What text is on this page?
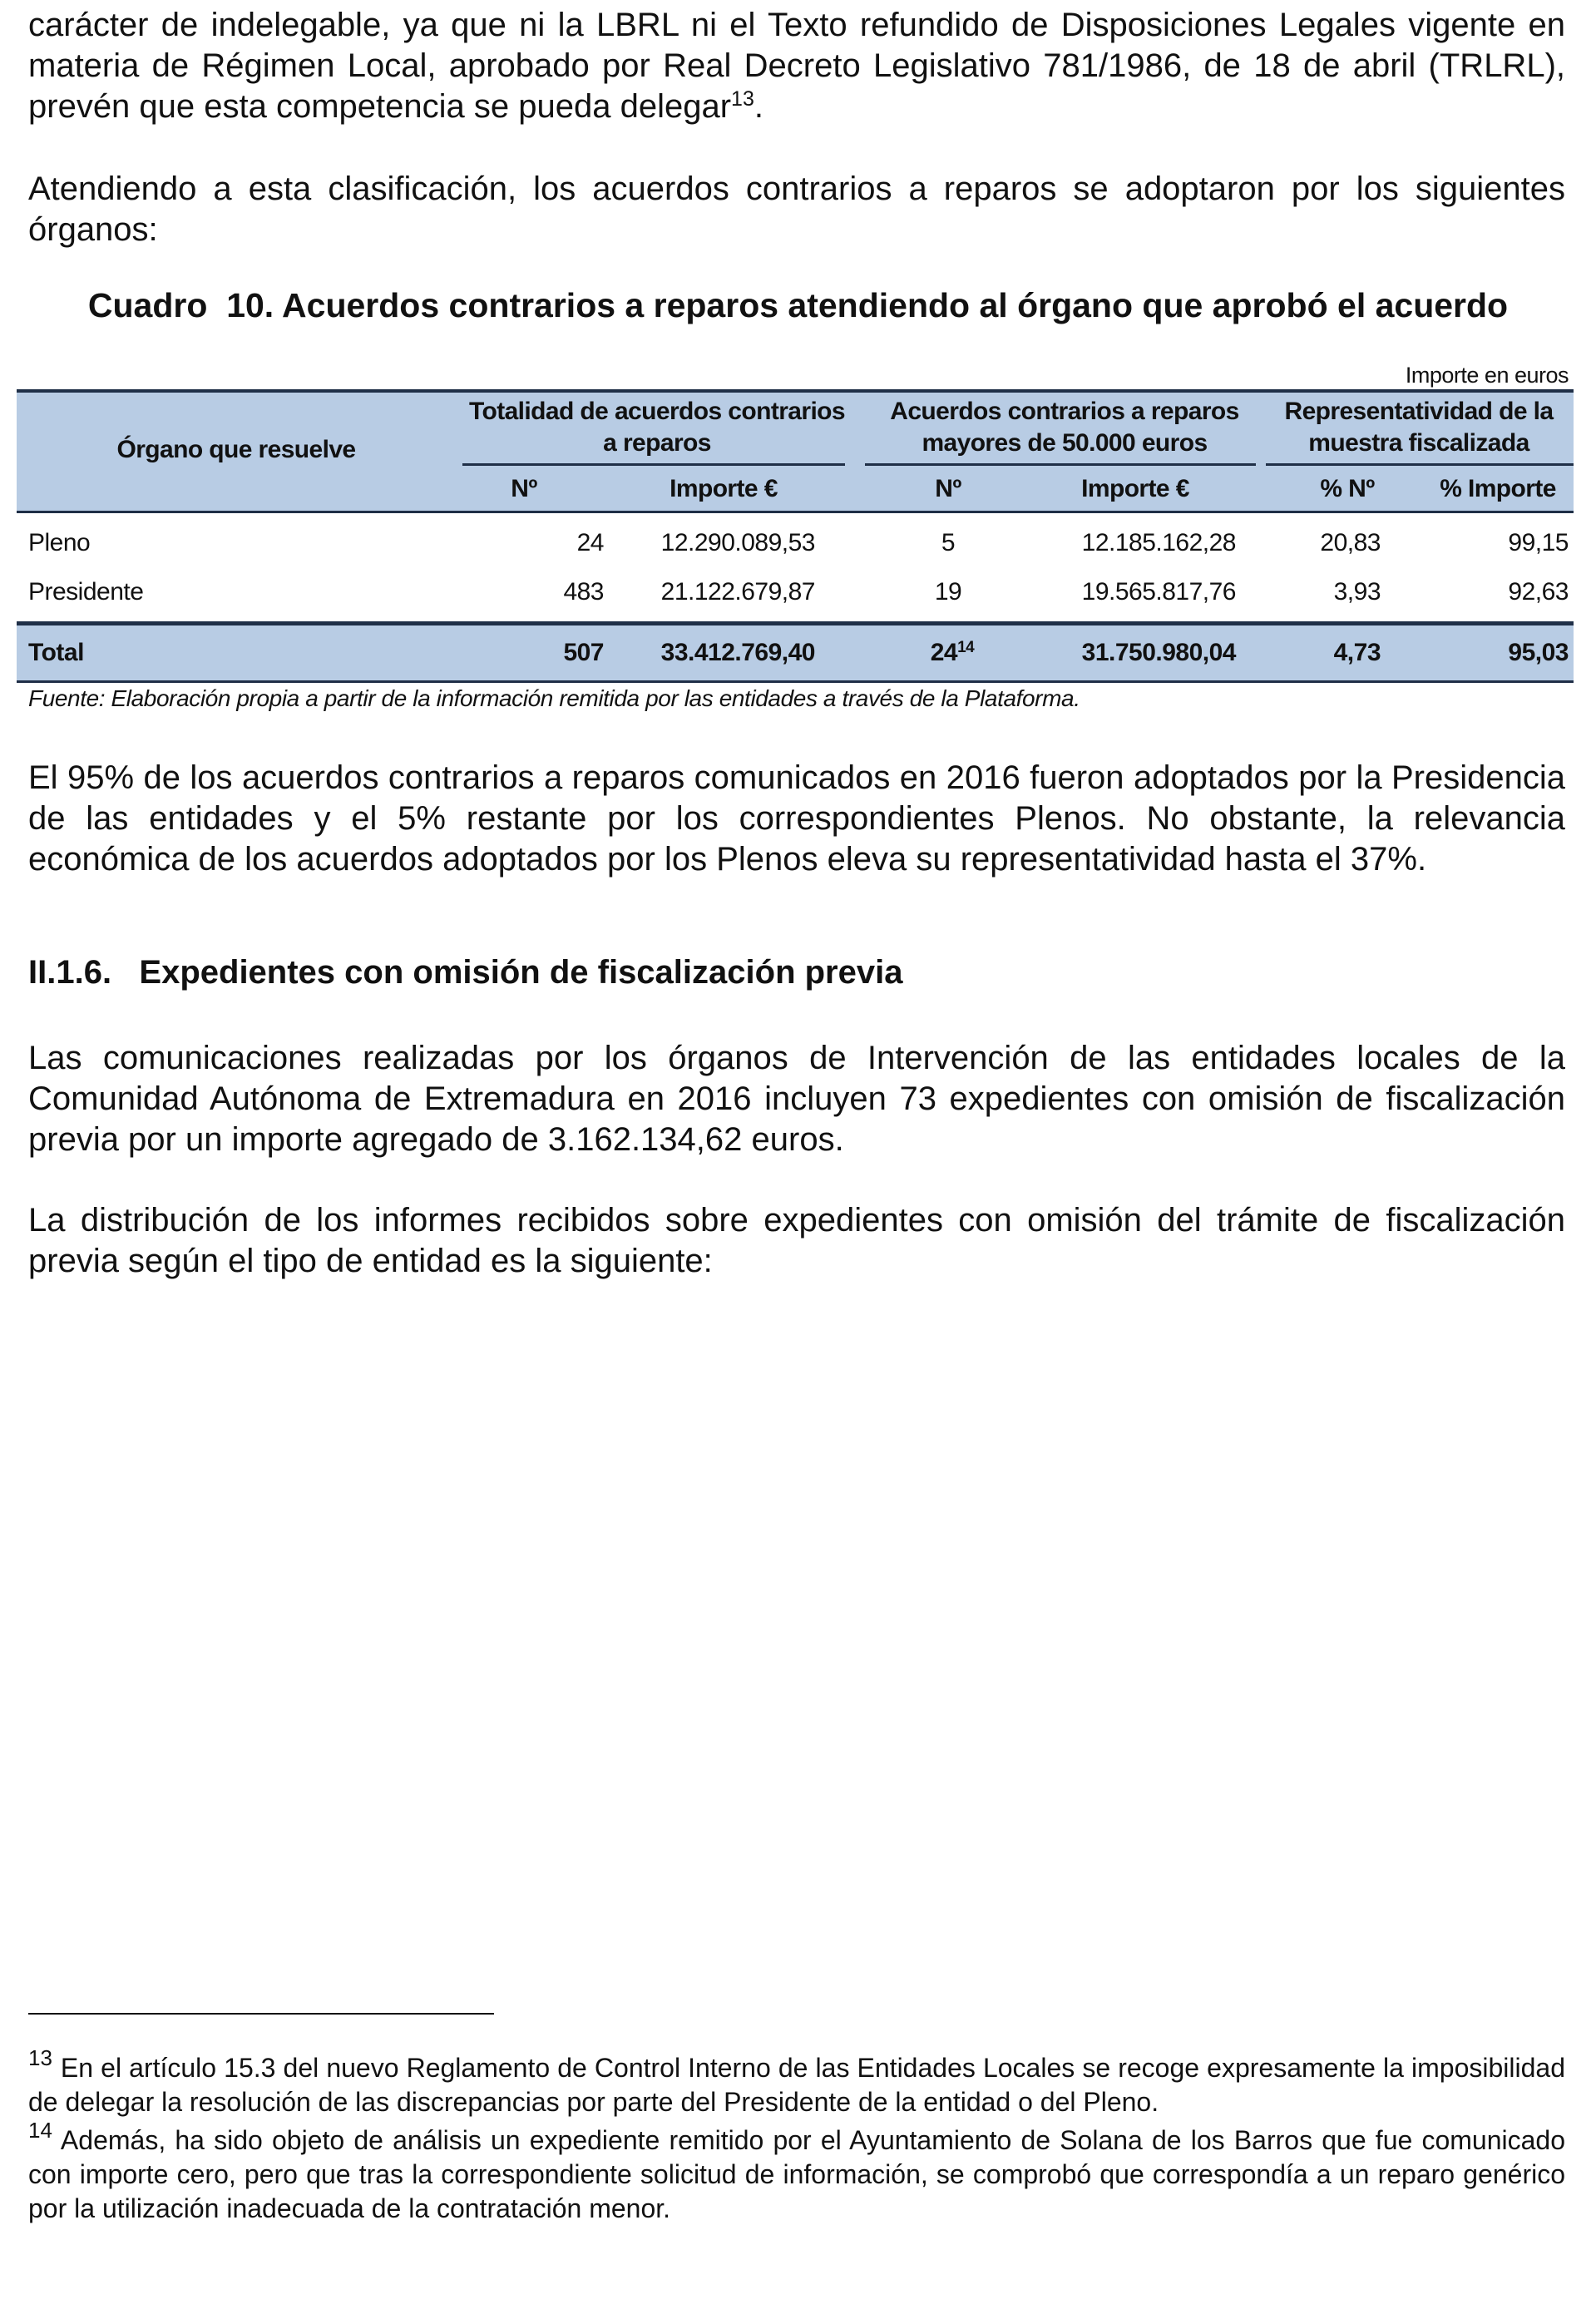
carácter de indelegable, ya que ni la LBRL ni el Texto refundido de Disposiciones Legales vigente en materia de Régimen Local, aprobado por Real Decreto Legislativo 781/1986, de 18 de abril (TRLRL), prevén que esta competencia se pueda delegar$^{13}$.

Atendiendo a esta clasificación, los acuerdos contrarios a reparos se adoptaron por los siguientes órganos:

Cuadro  10. Acuerdos contrarios a reparos atendiendo al órgano que aprobó el acuerdo
Importe en euros
Órgano que resuelve
Totalidad de acuerdos contrarios a reparos
Acuerdos contrarios a reparos mayores de 50.000 euros
Representatividad de la muestra fiscalizada
Nº	Importe €	Nº	Importe €	% Nº	% Importe
Pleno	24	12.290.089,53	5	12.185.162,28	20,83	99,15
Presidente	483	21.122.679,87	19	19.565.817,76	3,93	92,63
Total	507	33.412.769,40	24$^{14}$	31.750.980,04	4,73	95,03
Fuente: Elaboración propia a partir de la información remitida por las entidades a través de la Plataforma.

El 95% de los acuerdos contrarios a reparos comunicados en 2016 fueron adoptados por la Presidencia de las entidades y el 5% restante por los correspondientes Plenos. No obstante, la relevancia económica de los acuerdos adoptados por los Plenos eleva su representatividad hasta el 37%.

II.1.6.   Expedientes con omisión de fiscalización previa

Las comunicaciones realizadas por los órganos de Intervención de las entidades locales de la Comunidad Autónoma de Extremadura en 2016 incluyen 73 expedientes con omisión de fiscalización previa por un importe agregado de 3.162.134,62 euros.

La distribución de los informes recibidos sobre expedientes con omisión del trámite de fiscalización previa según el tipo de entidad es la siguiente:

$^{13}$ En el artículo 15.3 del nuevo Reglamento de Control Interno de las Entidades Locales se recoge expresamente la imposibilidad de delegar la resolución de las discrepancias por parte del Presidente de la entidad o del Pleno.

$^{14}$ Además, ha sido objeto de análisis un expediente remitido por el Ayuntamiento de Solana de los Barros que fue comunicado con importe cero, pero que tras la correspondiente solicitud de información, se comprobó que correspondía a un reparo genérico por la utilización inadecuada de la contratación menor.
